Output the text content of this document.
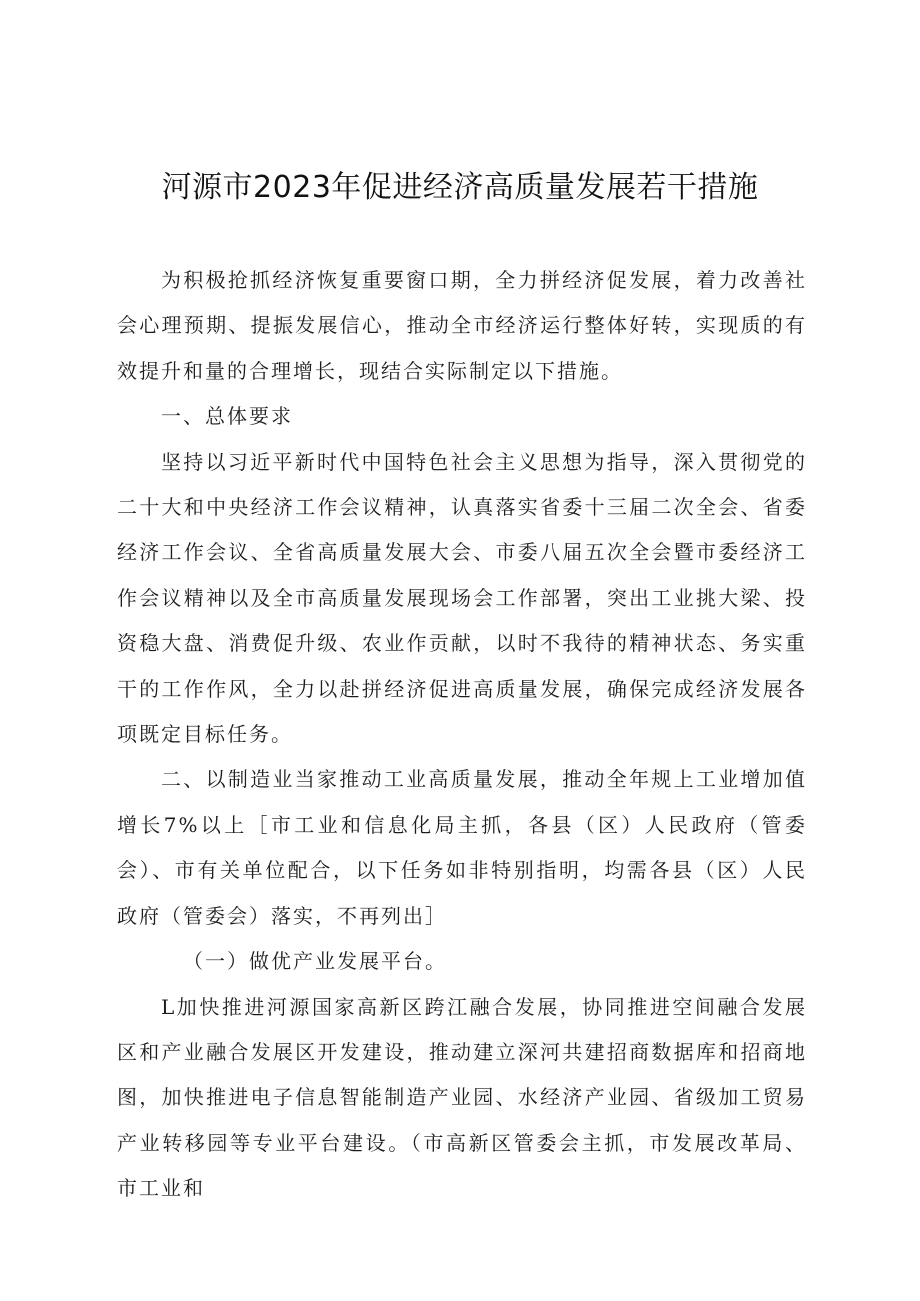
河源市2023年促进经济高质量发展若干措施

为积极抢抓经济恢复重要窗口期，全力拼经济促发展，着力改善社会心理预期、提振发展信心，推动全市经济运行整体好转，实现质的有效提升和量的合理增长，现结合实际制定以下措施。

一、总体要求

坚持以习近平新时代中国特色社会主义思想为指导，深入贯彻党的二十大和中央经济工作会议精神，认真落实省委十三届二次全会、省委经济工作会议、全省高质量发展大会、市委八届五次全会暨市委经济工作会议精神以及全市高质量发展现场会工作部署，突出工业挑大梁、投资稳大盘、消费促升级、农业作贡献，以时不我待的精神状态、务实重干的工作作风，全力以赴拼经济促进高质量发展，确保完成经济发展各项既定目标任务。

二、以制造业当家推动工业高质量发展，推动全年规上工业增加值增长7%以上［市工业和信息化局主抓，各县（区）人民政府（管委会）、市有关单位配合，以下任务如非特别指明，均需各县（区）人民政府（管委会）落实，不再列出］

（一）做优产业发展平台。

L加快推进河源国家高新区跨江融合发展，协同推进空间融合发展区和产业融合发展区开发建设，推动建立深河共建招商数据库和招商地图，加快推进电子信息智能制造产业园、水经济产业园、省级加工贸易产业转移园等专业平台建设。（市高新区管委会主抓，市发展改革局、市工业和
